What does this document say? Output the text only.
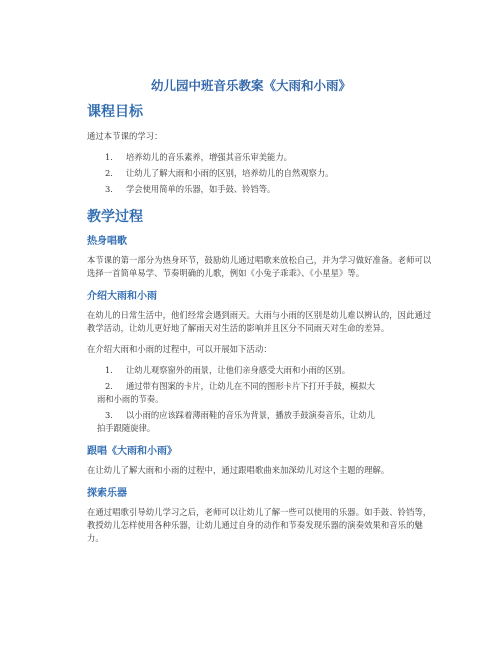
幼儿园中班音乐教案《大雨和小雨》
课程目标
通过本节课的学习：
1. 培养幼儿的音乐素养，增强其音乐审美能力。
2. 让幼儿了解大雨和小雨的区别，培养幼儿的自然观察力。
3. 学会使用简单的乐器，如手鼓、铃铛等。
教学过程
热身唱歌
本节课的第一部分为热身环节，鼓励幼儿通过唱歌来放松自己，并为学习做好准备。老师可以选择一首简单易学、节奏明确的儿歌，例如《小兔子乖乖》、《小星星》等。
介绍大雨和小雨
在幼儿的日常生活中，他们经常会遇到雨天。大雨与小雨的区别是幼儿难以辨认的，因此通过教学活动，让幼儿更好地了解雨天对生活的影响并且区分不同雨天对生命的差异。
在介绍大雨和小雨的过程中，可以开展如下活动：
1. 让幼儿观察窗外的雨景，让他们亲身感受大雨和小雨的区别。
2. 通过带有图案的卡片，让幼儿在不同的图形卡片下打开手鼓，模拟大
雨和小雨的节奏。
3. 以小雨的应该踩着薄雨鞋的音乐为背景，播放手鼓演奏音乐，让幼儿
拍手跟随旋律。
跟唱《大雨和小雨》
在让幼儿了解大雨和小雨的过程中，通过跟唱歌曲来加深幼儿对这个主题的理解。
探索乐器
在通过唱歌引导幼儿学习之后，老师可以让幼儿了解一些可以使用的乐器。如手鼓、铃铛等，教授幼儿怎样使用各种乐器，让幼儿通过自身的动作和节奏发现乐器的演奏效果和音乐的魅力。
